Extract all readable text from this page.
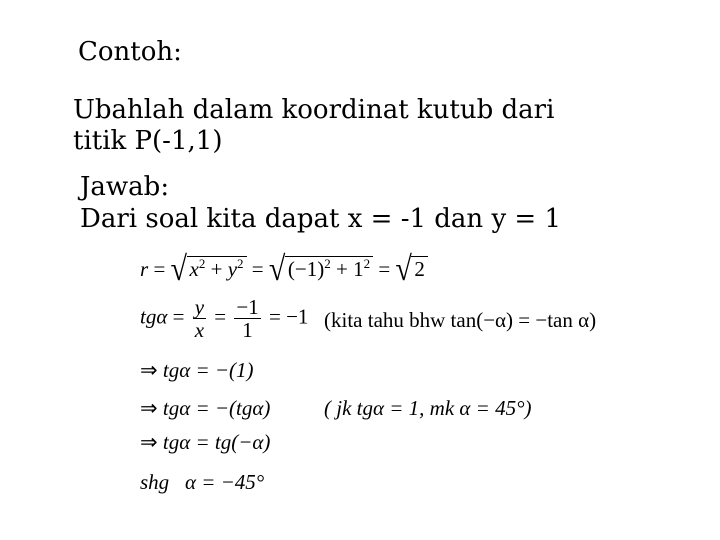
Contoh:
Ubahlah dalam koordinat kutub dari
titik P(-1,1)
Jawab:
Dari soal kita dapat x = -1 dan y = 1
r = √ $x^2 + y^2$ = √ $(-1)^2 + 1^2$ = √ 2
$tg\alpha = \frac{y}{x} = \frac{-1}{1} = -1$ (kita tahu bhw tan(−α) = −tan α)
⇒ tgα = −(1)
⇒ tgα = −(tgα)	( jk tgα = 1, mk α = 45°)
⇒ tgα = tg(−α)
shg α = −45°
